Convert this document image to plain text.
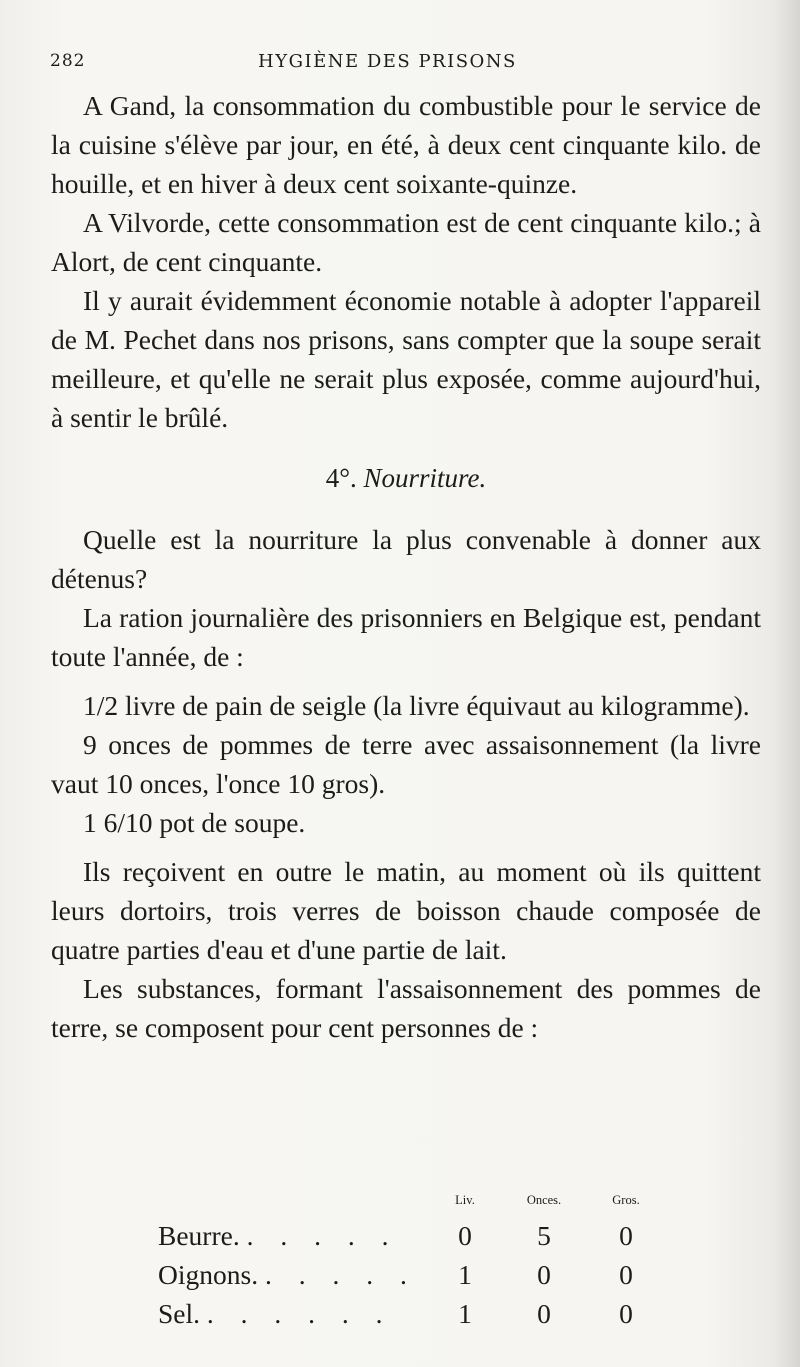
282	HYGIÈNE DES PRISONS

A Gand, la consommation du combustible pour le service de la cuisine s'élève par jour, en été, à deux cent cinquante kilo. de houille, et en hiver à deux cent soixante-quinze.

A Vilvorde, cette consommation est de cent cinquante kilo.; à Alort, de cent cinquante.

Il y aurait évidemment économie notable à adopter l'appareil de M. Pechet dans nos prisons, sans compter que la soupe serait meilleure, et qu'elle ne serait plus exposée, comme aujourd'hui, à sentir le brûlé.

4°. Nourriture.

Quelle est la nourriture la plus convenable à donner aux détenus?

La ration journalière des prisonniers en Belgique est, pendant toute l'année, de :

1/2 livre de pain de seigle (la livre équivaut au kilogramme).

9 onces de pommes de terre avec assaisonnement (la livre vaut 10 onces, l'once 10 gros).

1 6/10 pot de soupe.

Ils reçoivent en outre le matin, au moment où ils quittent leurs dortoirs, trois verres de boisson chaude composée de quatre parties d'eau et d'une partie de lait.

Les substances, formant l'assaisonnement des pommes de terre, se composent pour cent personnes de :

	Liv.	Onces.	Gros.
Beurre. . . . . .	0	5	0
Oignons. . . . . .	1	0	0
Sel. . . . . . .	1	0	0
